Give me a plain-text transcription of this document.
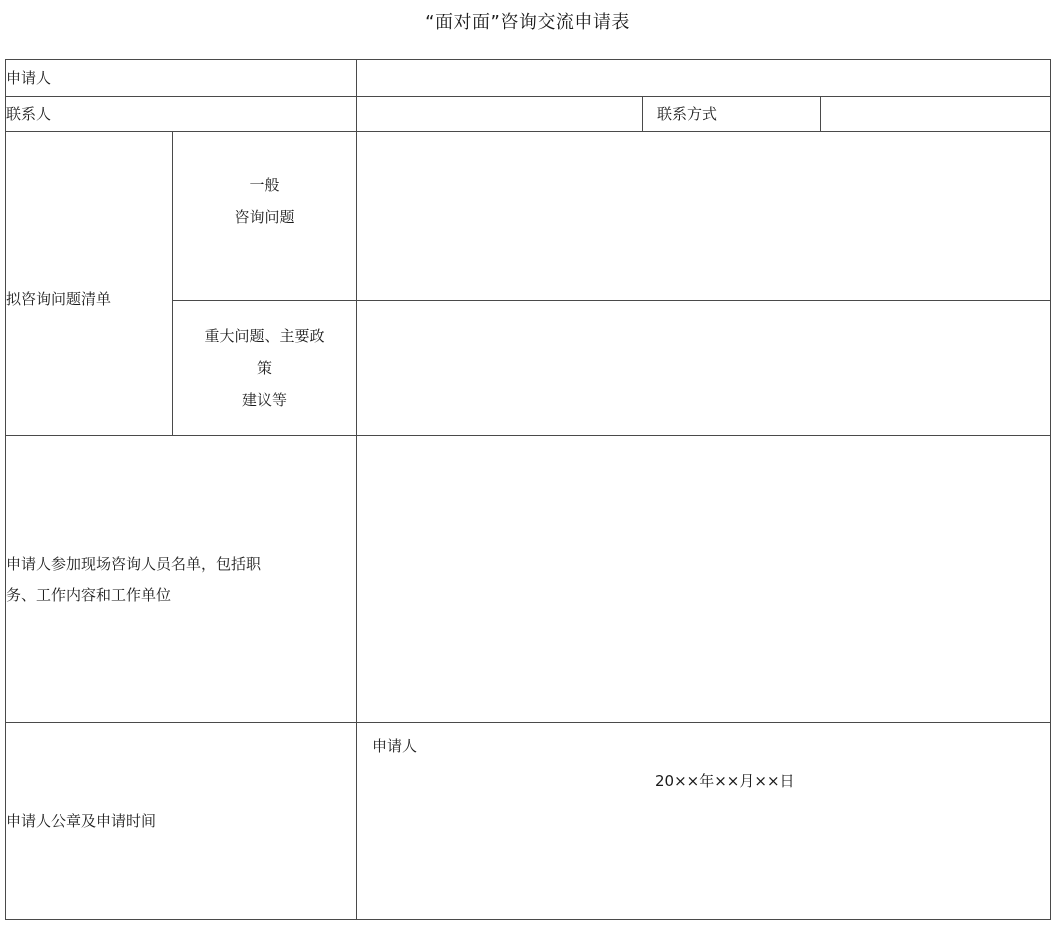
“面对面”咨询交流申请表
申请人				
联系人			联系方式	
拟咨询问题清单	一般
咨询问题			

	重大问题、主要政
策
建议等			

申请人参加现场咨询人员名单，包括职
务、工作内容和工作单位				

申请人公章及申请时间		申请人
20××年××月××日		
